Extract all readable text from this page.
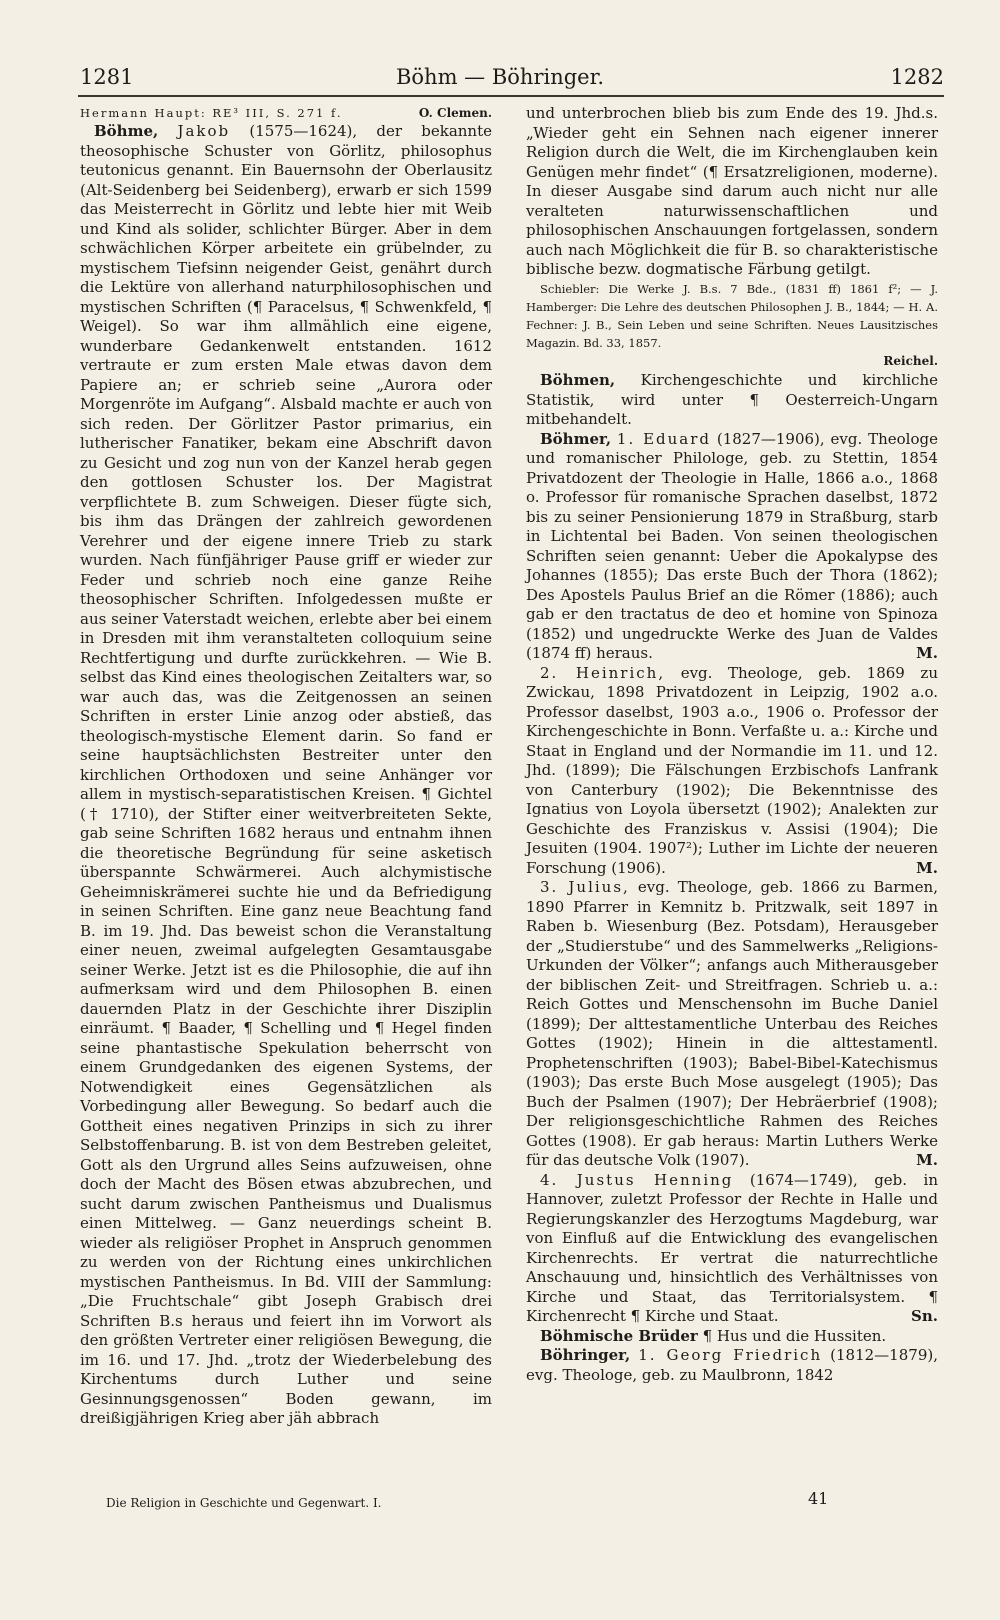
1281	Böhm — Böhringer.	1282

Hermann Haupt: RE³ III, S. 271 f.	O. Clemen.

Böhme, Jakob (1575—1624), der bekannte theosophische Schuster von Görlitz, philosophus teutonicus genannt. Ein Bauernsohn der Oberlausitz (Alt-Seidenberg bei Seidenberg), erwarb er sich 1599 das Meisterrecht in Görlitz und lebte hier mit Weib und Kind als solider, schlichter Bürger. Aber in dem schwächlichen Körper arbeitete ein grübelnder, zu mystischem Tiefsinn neigender Geist, genährt durch die Lektüre von allerhand naturphilosophischen und mystischen Schriften (¶ Paracelsus, ¶ Schwenkfeld, ¶ Weigel). So war ihm allmählich eine eigene, wunderbare Gedankenwelt entstanden. 1612 vertraute er zum ersten Male etwas davon dem Papiere an; er schrieb seine „Aurora oder Morgenröte im Aufgang“. Alsbald machte er auch von sich reden. Der Görlitzer Pastor primarius, ein lutherischer Fanatiker, bekam eine Abschrift davon zu Gesicht und zog nun von der Kanzel herab gegen den gottlosen Schuster los. Der Magistrat verpflichtete B. zum Schweigen. Dieser fügte sich, bis ihm das Drängen der zahlreich gewordenen Verehrer und der eigene innere Trieb zu stark wurden. Nach fünfjähriger Pause griff er wieder zur Feder und schrieb noch eine ganze Reihe theosophischer Schriften. Infolgedessen mußte er aus seiner Vaterstadt weichen, erlebte aber bei einem in Dresden mit ihm veranstalteten colloquium seine Rechtfertigung und durfte zurückkehren. — Wie B. selbst das Kind eines theologischen Zeitalters war, so war auch das, was die Zeitgenossen an seinen Schriften in erster Linie anzog oder abstieß, das theologisch-mystische Element darin. So fand er seine hauptsächlichsten Bestreiter unter den kirchlichen Orthodoxen und seine Anhänger vor allem in mystisch-separatistischen Kreisen. ¶ Gichtel († 1710), der Stifter einer weitverbreiteten Sekte, gab seine Schriften 1682 heraus und entnahm ihnen die theoretische Begründung für seine asketisch überspannte Schwärmerei. Auch alchymistische Geheimniskrämerei suchte hie und da Befriedigung in seinen Schriften. Eine ganz neue Beachtung fand B. im 19. Jhd. Das beweist schon die Veranstaltung einer neuen, zweimal aufgelegten Gesamtausgabe seiner Werke. Jetzt ist es die Philosophie, die auf ihn aufmerksam wird und dem Philosophen B. einen dauernden Platz in der Geschichte ihrer Disziplin einräumt. ¶ Baader, ¶ Schelling und ¶ Hegel finden seine phantastische Spekulation beherrscht von einem Grundgedanken des eigenen Systems, der Notwendigkeit eines Gegensätzlichen als Vorbedingung aller Bewegung. So bedarf auch die Gottheit eines negativen Prinzips in sich zu ihrer Selbstoffenbarung. B. ist von dem Bestreben geleitet, Gott als den Urgrund alles Seins aufzuweisen, ohne doch der Macht des Bösen etwas abzubrechen, und sucht darum zwischen Pantheismus und Dualismus einen Mittelweg. — Ganz neuerdings scheint B. wieder als religiöser Prophet in Anspruch genommen zu werden von der Richtung eines unkirchlichen mystischen Pantheismus. In Bd. VIII der Sammlung: „Die Fruchtschale“ gibt Joseph Grabisch drei Schriften B.s heraus und feiert ihn im Vorwort als den größten Vertreter einer religiösen Bewegung, die im 16. und 17. Jhd. „trotz der Wiederbelebung des Kirchentums durch Luther und seine Gesinnungsgenossen“ Boden gewann, im dreißigjährigen Krieg aber jäh abbrach

und unterbrochen blieb bis zum Ende des 19. Jhd.s. „Wieder geht ein Sehnen nach eigener innerer Religion durch die Welt, die im Kirchenglauben kein Genügen mehr findet“ (¶ Ersatzreligionen, moderne). In dieser Ausgabe sind darum auch nicht nur alle veralteten naturwissenschaftlichen und philosophischen Anschauungen fortgelassen, sondern auch nach Möglichkeit die für B. so charakteristische biblische bezw. dogmatische Färbung getilgt.

Schiebler: Die Werke J. B.s. 7 Bde., (1831 ff) 1861 f²; — J. Hamberger: Die Lehre des deutschen Philosophen J. B., 1844; — H. A. Fechner: J. B., Sein Leben und seine Schriften. Neues Lausitzisches Magazin. Bd. 33, 1857.

Reichel.

Böhmen, Kirchengeschichte und kirchliche Statistik, wird unter ¶ Oesterreich-Ungarn mitbehandelt.

Böhmer, 1. Eduard (1827—1906), evg. Theologe und romanischer Philologe, geb. zu Stettin, 1854 Privatdozent der Theologie in Halle, 1866 a.o., 1868 o. Professor für romanische Sprachen daselbst, 1872 bis zu seiner Pensionierung 1879 in Straßburg, starb in Lichtental bei Baden. Von seinen theologischen Schriften seien genannt: Ueber die Apokalypse des Johannes (1855); Das erste Buch der Thora (1862); Des Apostels Paulus Brief an die Römer (1886); auch gab er den tractatus de deo et homine von Spinoza (1852) und ungedruckte Werke des Juan de Valdes (1874 ff) heraus.	M.

2. Heinrich, evg. Theologe, geb. 1869 zu Zwickau, 1898 Privatdozent in Leipzig, 1902 a.o. Professor daselbst, 1903 a.o., 1906 o. Professor der Kirchengeschichte in Bonn. Verfaßte u. a.: Kirche und Staat in England und der Normandie im 11. und 12. Jhd. (1899); Die Fälschungen Erzbischofs Lanfrank von Canterbury (1902); Die Bekenntnisse des Ignatius von Loyola übersetzt (1902); Analekten zur Geschichte des Franziskus v. Assisi (1904); Die Jesuiten (1904. 1907²); Luther im Lichte der neueren Forschung (1906).	M.

3. Julius, evg. Theologe, geb. 1866 zu Barmen, 1890 Pfarrer in Kemnitz b. Pritzwalk, seit 1897 in Raben b. Wiesenburg (Bez. Potsdam), Herausgeber der „Studierstube“ und des Sammelwerks „Religions-Urkunden der Völker“; anfangs auch Mitherausgeber der biblischen Zeit- und Streitfragen. Schrieb u. a.: Reich Gottes und Menschensohn im Buche Daniel (1899); Der alttestamentliche Unterbau des Reiches Gottes (1902); Hinein in die alttestamentl. Prophetenschriften (1903); Babel-Bibel-Katechismus (1903); Das erste Buch Mose ausgelegt (1905); Das Buch der Psalmen (1907); Der Hebräerbrief (1908); Der religionsgeschichtliche Rahmen des Reiches Gottes (1908). Er gab heraus: Martin Luthers Werke für das deutsche Volk (1907).	M.

4. Justus Henning (1674—1749), geb. in Hannover, zuletzt Professor der Rechte in Halle und Regierungskanzler des Herzogtums Magdeburg, war von Einfluß auf die Entwicklung des evangelischen Kirchenrechts. Er vertrat die naturrechtliche Anschauung und, hinsichtlich des Verhältnisses von Kirche und Staat, das Territorialsystem. ¶ Kirchenrecht ¶ Kirche und Staat.	Sn.

Böhmische Brüder ¶ Hus und die Hussiten.

Böhringer, 1. Georg Friedrich (1812—1879), evg. Theologe, geb. zu Maulbronn, 1842

Die Religion in Geschichte und Gegenwart. I.	41
